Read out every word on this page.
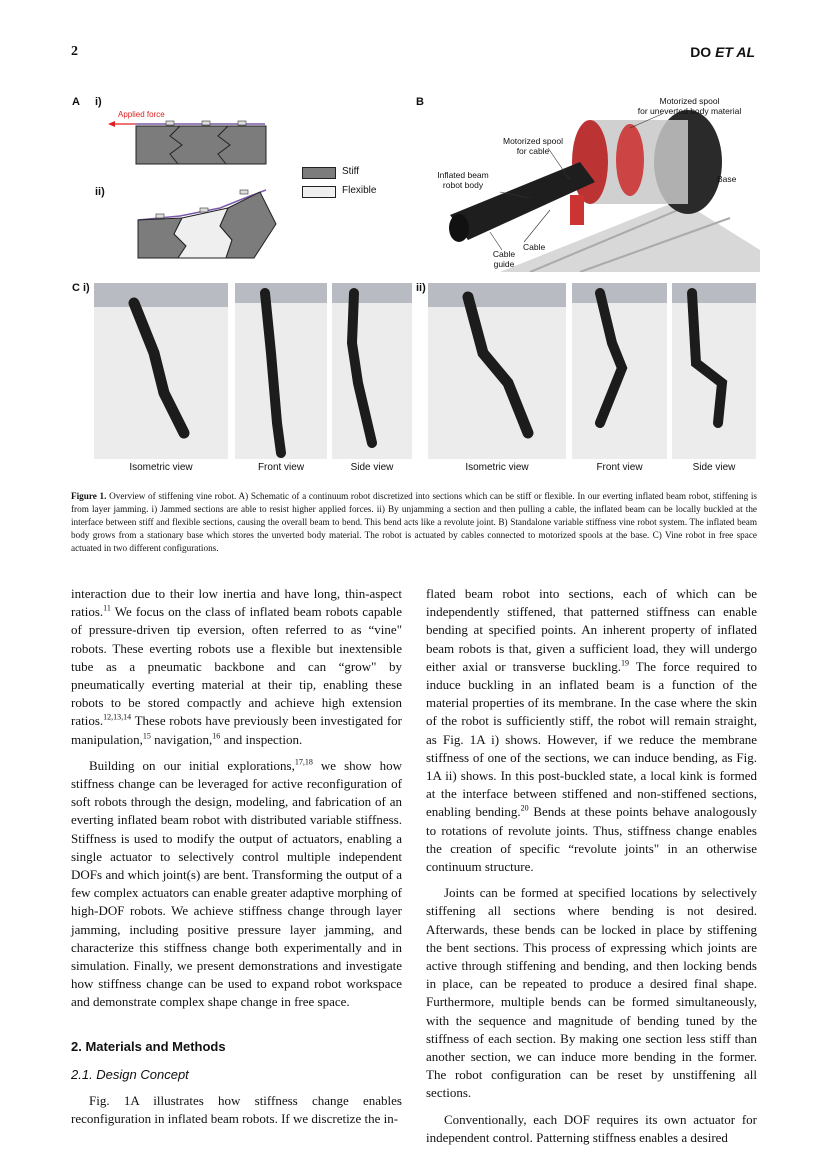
2	DO ET AL
A i)
ii)
Applied force
Stiff
Flexible
B	Motorized spool
for uneverted body material
Motorized spool
for cable
Inflated beam
robot body
Base
Cable
Cable
guide
C i)	ii)
Isometric view	Front view	Side view	Isometric view	Front view	Side view
Figure 1. Overview of stiffening vine robot. A) Schematic of a continuum robot discretized into sections which can be stiff or flexible. In our everting inflated beam robot, stiffening is from layer jamming. i) Jammed sections are able to resist higher applied forces. ii) By unjamming a section and then pulling a cable, the inflated beam can be locally buckled at the interface between stiff and flexible sections, causing the overall beam to bend. This bend acts like a revolute joint. B) Standalone variable stiffness vine robot system. The inflated beam body grows from a stationary base which stores the unverted body material. The robot is actuated by cables connected to motorized spools at the base. C) Vine robot in free space actuated in two different configurations.

interaction due to their low inertia and have long, thin-aspect ratios.$^{11}$ We focus on the class of inflated beam robots capable of pressure-driven tip eversion, often referred to as “vine" robots. These everting robots use a flexible but inextensible tube as a pneumatic backbone and can “grow" by pneumatically everting material at their tip, enabling these robots to be stored compactly and achieve high extension ratios.$^{12,13,14}$ These robots have previously been investigated for manipulation,$^{15}$ navigation,$^{16}$ and inspection.

Building on our initial explorations,$^{17,18}$ we show how stiffness change can be leveraged for active reconfiguration of soft robots through the design, modeling, and fabrication of an everting inflated beam robot with distributed variable stiffness. Stiffness is used to modify the output of actuators, enabling a single actuator to selectively control multiple independent DOFs and which joint(s) are bent. Transforming the output of a few complex actuators can enable greater adaptive morphing of high-DOF robots. We achieve stiffness change through layer jamming, including positive pressure layer jamming, and characterize this stiffness change both experimentally and in simulation. Finally, we present demonstrations and investigate how stiffness change can be used to expand robot workspace and demonstrate complex shape change in free space.

2. Materials and Methods
2.1. Design Concept

Fig. 1A illustrates how stiffness change enables reconfiguration in inflated beam robots. If we discretize the in-

flated beam robot into sections, each of which can be independently stiffened, that patterned stiffness can enable bending at specified points. An inherent property of inflated beam robots is that, given a sufficient load, they will undergo either axial or transverse buckling.$^{19}$ The force required to induce buckling in an inflated beam is a function of the material properties of its membrane. In the case where the skin of the robot is sufficiently stiff, the robot will remain straight, as Fig. 1A i) shows. However, if we reduce the membrane stiffness of one of the sections, we can induce bending, as Fig. 1A ii) shows. In this post-buckled state, a local kink is formed at the interface between stiffened and non-stiffened sections, enabling bending.$^{20}$ Bends at these points behave analogously to rotations of revolute joints. Thus, stiffness change enables the creation of specific “revolute joints" in an otherwise continuum structure.

Joints can be formed at specified locations by selectively stiffening all sections where bending is not desired. Afterwards, these bends can be locked in place by stiffening the bent sections. This process of expressing which joints are active through stiffening and bending, and then locking bends in place, can be repeated to produce a desired final shape. Furthermore, multiple bends can be formed simultaneously, with the sequence and magnitude of bending tuned by the stiffness of each section. By making one section less stiff than another section, we can induce more bending in the former. The robot configuration can be reset by unstiffening all sections.

Conventionally, each DOF requires its own actuator for independent control. Patterning stiffness enables a desired
